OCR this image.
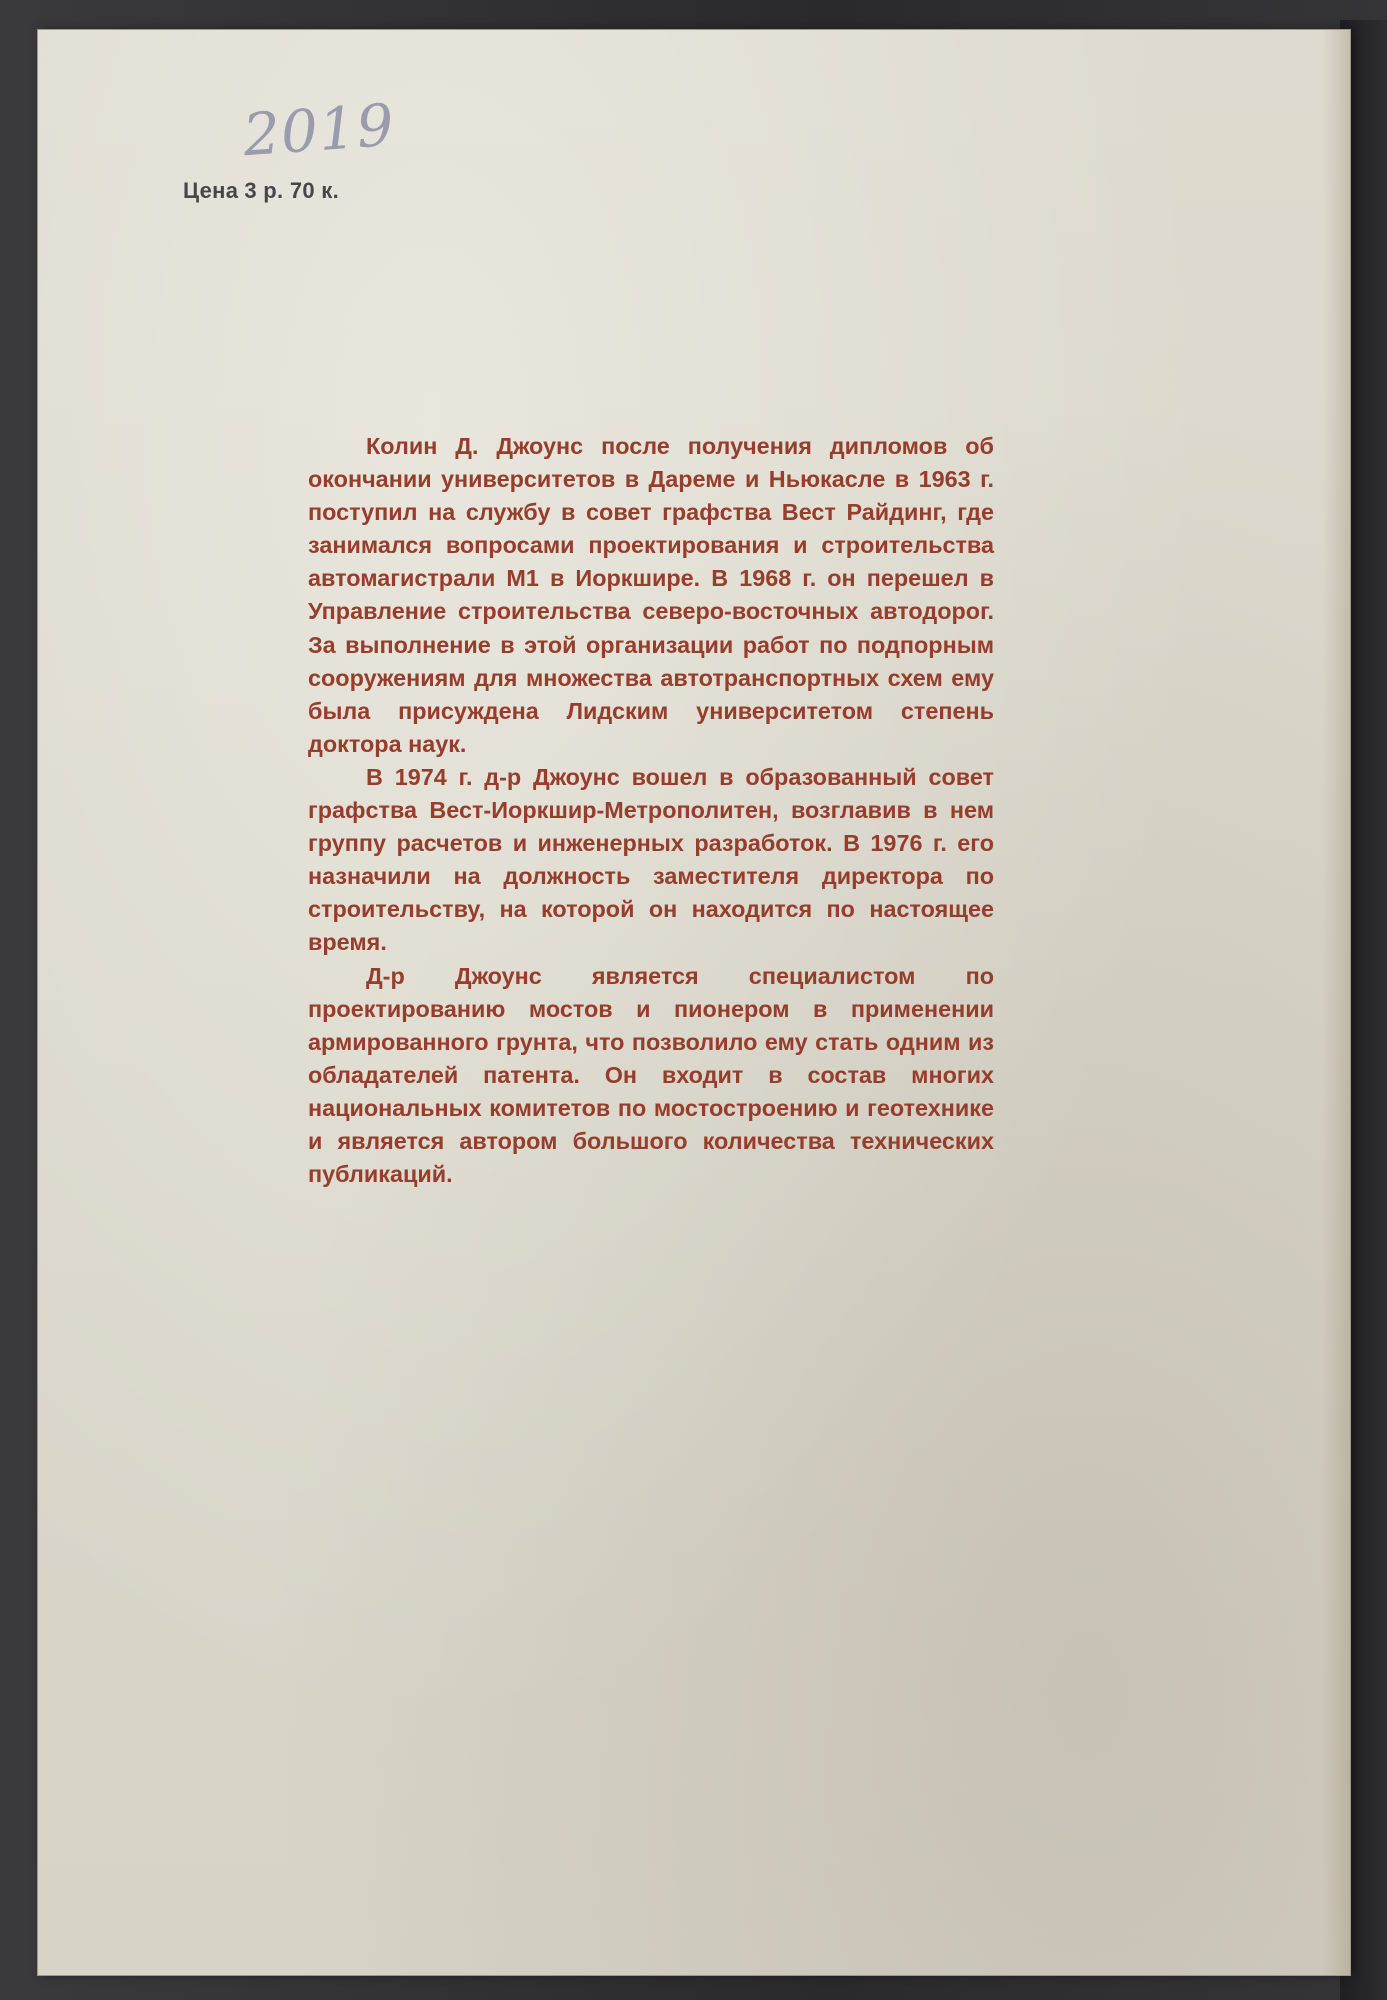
2019
Цена 3 р. 70 к.

Колин Д. Джоунс после получения дипломов об окончании университетов в Дареме и Ньюкасле в 1963 г. поступил на службу в совет графства Вест Райдинг, где занимался вопросами проектирования и строительства автомагистрали М1 в Иоркшире. В 1968 г. он перешел в Управление строительства северо-восточных автодорог. За выполнение в этой организации работ по подпорным сооружениям для множества автотранспортных схем ему была присуждена Лидским университетом степень доктора наук.

В 1974 г. д-р Джоунс вошел в образованный совет графства Вест-Иоркшир-Метрополитен, возглавив в нем группу расчетов и инженерных разработок. В 1976 г. его назначили на должность заместителя директора по строительству, на которой он находится по настоящее время.

Д-р Джоунс является специалистом по проектированию мостов и пионером в применении армированного грунта, что позволило ему стать одним из обладателей патента. Он входит в состав многих национальных комитетов по мостостроению и геотехнике и является автором большого количества технических публикаций.
